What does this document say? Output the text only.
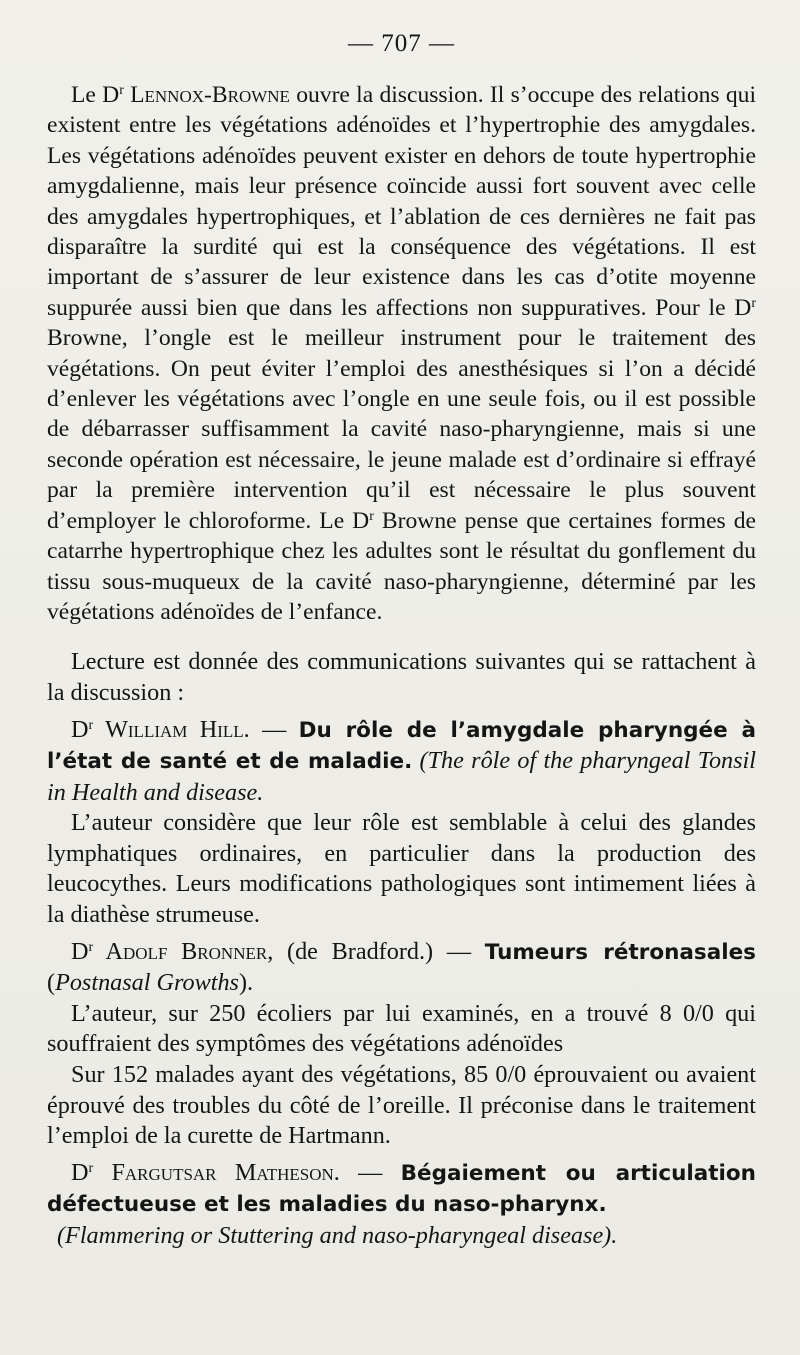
— 707 —

Le $D^r$ Lennox-Browne ouvre la discussion. Il s’occupe des relations qui existent entre les végétations adénoïdes et l’hypertrophie des amygdales. Les végétations adénoïdes peuvent exister en dehors de toute hypertrophie amygdalienne, mais leur présence coïncide aussi fort souvent avec celle des amygdales hypertrophiques, et l’ablation de ces dernières ne fait pas disparaître la surdité qui est la conséquence des végétations. Il est important de s’assurer de leur existence dans les cas d’otite moyenne suppurée aussi bien que dans les affections non suppuratives. Pour le $D^r$ Browne, l’ongle est le meilleur instrument pour le traitement des végétations. On peut éviter l’emploi des anesthésiques si l’on a décidé d’enlever les végétations avec l’ongle en une seule fois, ou il est possible de débarrasser suffisamment la cavité naso-pharyngienne, mais si une seconde opération est nécessaire, le jeune malade est d’ordinaire si effrayé par la première intervention qu’il est nécessaire le plus souvent d’employer le chloroforme. Le $D^r$ Browne pense que certaines formes de catarrhe hypertrophique chez les adultes sont le résultat du gonflement du tissu sous-muqueux de la cavité naso-pharyngienne, déterminé par les végétations adénoïdes de l’enfance.

Lecture est donnée des communications suivantes qui se rattachent à la discussion :

$D^r$ William Hill. — Du rôle de l’amygdale pharyngée à l’état de santé et de maladie. (The rôle of the pharyngeal Tonsil in Health and disease.

L’auteur considère que leur rôle est semblable à celui des glandes lymphatiques ordinaires, en particulier dans la production des leucocythes. Leurs modifications pathologiques sont intimement liées à la diathèse strumeuse.

$D^r$ Adolf Bronner, (de Bradford.) — Tumeurs rétronasales (Postnasal Growths).

L’auteur, sur 250 écoliers par lui examinés, en a trouvé 8 0/0 qui souffraient des symptômes des végétations adénoïdes

Sur 152 malades ayant des végétations, 85 0/0 éprouvaient ou avaient éprouvé des troubles du côté de l’oreille. Il préconise dans le traitement l’emploi de la curette de Hartmann.

$D^r$ Fargutsar Matheson. — Bégaiement ou articulation défectueuse et les maladies du naso-pharynx.

(Flammering or Stuttering and naso-pharyngeal disease).
